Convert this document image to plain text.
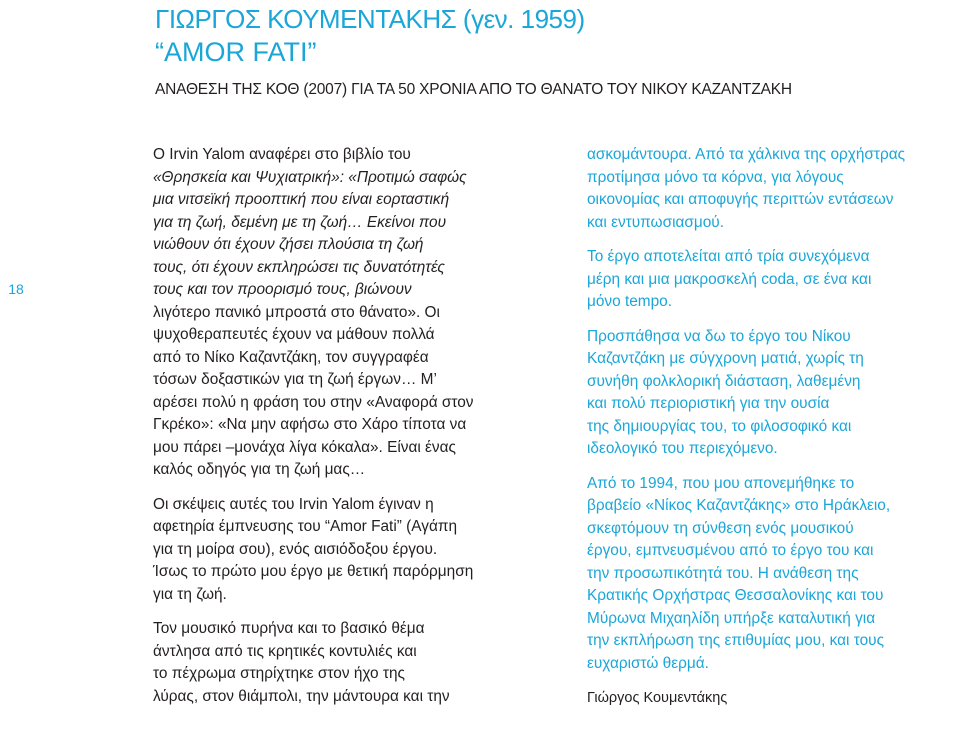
ΓΙΩΡΓΟΣ ΚΟΥΜΕΝΤΑΚΗΣ (γεν. 1959)
“AMOR FATI”
ΑΝΑΘΕΣΗ ΤΗΣ ΚΟΘ (2007) ΓΙΑ ΤΑ 50 ΧΡΟΝΙΑ ΑΠΟ ΤΟ ΘΑΝΑΤΟ ΤΟΥ ΝΙΚΟΥ ΚΑΖΑΝΤΖΑΚΗ
18
Ο Irvin Yalom αναφέρει στο βιβλίο του
«Θρησκεία και Ψυχιατρική»: «Προτιμώ σαφώς
μια νιτσεϊκή προοπτική που είναι εορταστική
για τη ζωή, δεμένη με τη ζωή… Εκείνοι που
νιώθουν ότι έχουν ζήσει πλούσια τη ζωή
τους, ότι έχουν εκπληρώσει τις δυνατότητές
τους και τον προορισμό τους, βιώνουν
λιγότερο πανικό μπροστά στο θάνατο». Οι
ψυχοθεραπευτές έχουν να μάθουν πολλά
από το Νίκο Καζαντζάκη, τον συγγραφέα
τόσων δοξαστικών για τη ζωή έργων… Μ’
αρέσει πολύ η φράση του στην «Αναφορά στον
Γκρέκο»: «Να μην αφήσω στο Χάρο τίποτα να
μου πάρει –μονάχα λίγα κόκαλα». Είναι ένας
καλός οδηγός για τη ζωή μας…
Οι σκέψεις αυτές του Irvin Yalom έγιναν η
αφετηρία έμπνευσης του “Amor Fati” (Αγάπη
για τη μοίρα σου), ενός αισιόδοξου έργου.
Ίσως το πρώτο μου έργο με θετική παρόρμηση
για τη ζωή.
Τον μουσικό πυρήνα και το βασικό θέμα
άντλησα από τις κρητικές κοντυλιές και
το πέχρωμα στηρίχτηκε στον ήχο της
λύρας, στον θιάμπολι, την μάντουρα και την
ασκομάντουρα. Από τα χάλκινα της ορχήστρας
προτίμησα μόνο τα κόρνα, για λόγους
οικονομίας και αποφυγής περιττών εντάσεων
και εντυπωσιασμού.
Το έργο αποτελείται από τρία συνεχόμενα
μέρη και μια μακροσκελή coda, σε ένα και
μόνο tempo.
Προσπάθησα να δω το έργο του Νίκου
Καζαντζάκη με σύγχρονη ματιά, χωρίς τη
συνήθη φολκλορική διάσταση, λαθεμένη
και πολύ περιοριστική για την ουσία
της δημιουργίας του, το φιλοσοφικό και
ιδεολογικό του περιεχόμενο.
Από το 1994, που μου απονεμήθηκε το
βραβείο «Νίκος Καζαντζάκης» στο Ηράκλειο,
σκεφτόμουν τη σύνθεση ενός μουσικού
έργου, εμπνευσμένου από το έργο του και
την προσωπικότητά του. Η ανάθεση της
Κρατικής Ορχήστρας Θεσσαλονίκης και του
Μύρωνα Μιχαηλίδη υπήρξε καταλυτική για
την εκπλήρωση της επιθυμίας μου, και τους
ευχαριστώ θερμά.
Γιώργος Κουμεντάκης
